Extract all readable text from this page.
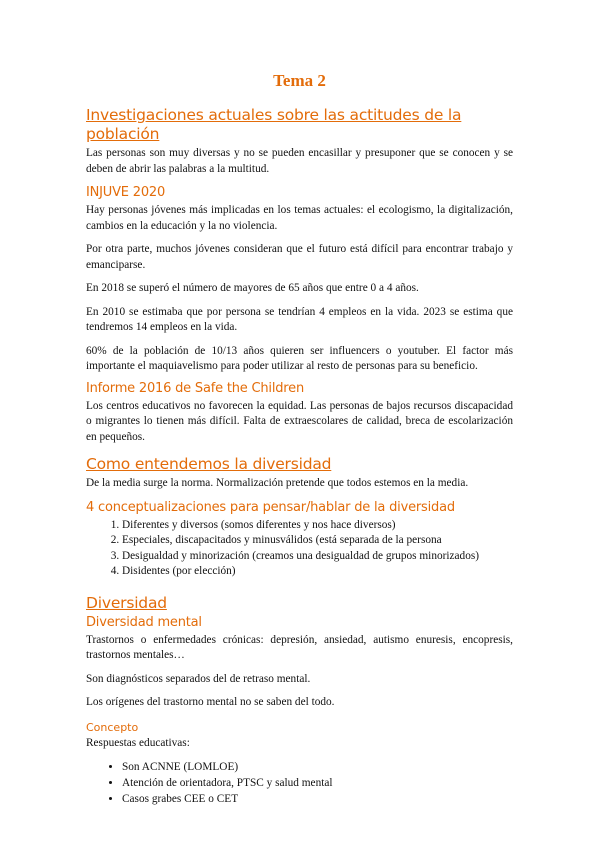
Tema 2
Investigaciones actuales sobre las actitudes de la población
Las personas son muy diversas y no se pueden encasillar y presuponer que se conocen y se deben de abrir las palabras a la multitud.
INJUVE 2020
Hay personas jóvenes más implicadas en los temas actuales: el ecologismo, la digitalización, cambios en la educación y la no violencia.
Por otra parte, muchos jóvenes consideran que el futuro está difícil para encontrar trabajo y emanciparse.
En 2018 se superó el número de mayores de 65 años que entre 0 a 4 años.
En 2010 se estimaba que por persona se tendrían 4 empleos en la vida. 2023 se estima que tendremos 14 empleos en la vida.
60% de la población de 10/13 años quieren ser influencers o youtuber. El factor más importante el maquiavelismo para poder utilizar al resto de personas para su beneficio.
Informe 2016 de Safe the Children
Los centros educativos no favorecen la equidad. Las personas de bajos recursos discapacidad o migrantes lo tienen más difícil. Falta de extraescolares de calidad, breca de escolarización en pequeños.
Como entendemos la diversidad
De la media surge la norma. Normalización pretende que todos estemos en la media.
4 conceptualizaciones para pensar/hablar de la diversidad
1. Diferentes y diversos (somos diferentes y nos hace diversos)
2. Especiales, discapacitados y minusválidos (está separada de la persona
3. Desigualdad y minorización (creamos una desigualdad de grupos minorizados)
4. Disidentes (por elección)
Diversidad
Diversidad mental
Trastornos o enfermedades crónicas: depresión, ansiedad, autismo enuresis, encopresis, trastornos mentales…
Son diagnósticos separados del de retraso mental.
Los orígenes del trastorno mental no se saben del todo.
Concepto
Respuestas educativas:
• Son ACNNE (LOMLOE)
• Atención de orientadora, PTSC y salud mental
• Casos grabes CEE o CET
